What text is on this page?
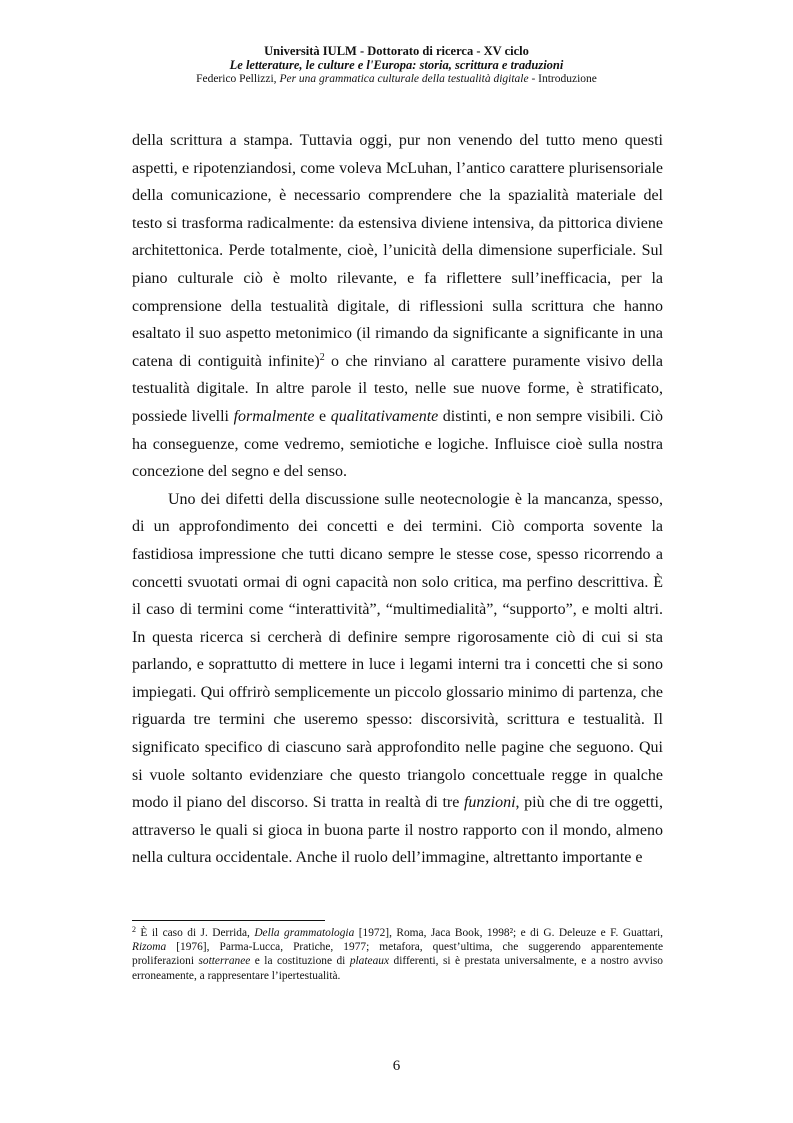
Università IULM - Dottorato di ricerca - XV ciclo
Le letterature, le culture e l'Europa: storia, scrittura e traduzioni
Federico Pellizzi, Per una grammatica culturale della testualità digitale - Introduzione

della scrittura a stampa. Tuttavia oggi, pur non venendo del tutto meno questi aspetti, e ripotenziandosi, come voleva McLuhan, l’antico carattere plurisensoriale della comunicazione, è necessario comprendere che la spazialità materiale del testo si trasforma radicalmente: da estensiva diviene intensiva, da pittorica diviene architettonica. Perde totalmente, cioè, l’unicità della dimensione superficiale. Sul piano culturale ciò è molto rilevante, e fa riflettere sull’inefficacia, per la comprensione della testualità digitale, di riflessioni sulla scrittura che hanno esaltato il suo aspetto metonimico (il rimando da significante a significante in una catena di contiguità infinite)$^2$ o che rinviano al carattere puramente visivo della testualità digitale. In altre parole il testo, nelle sue nuove forme, è stratificato, possiede livelli formalmente e qualitativamente distinti, e non sempre visibili. Ciò ha conseguenze, come vedremo, semiotiche e logiche. Influisce cioè sulla nostra concezione del segno e del senso.

Uno dei difetti della discussione sulle neotecnologie è la mancanza, spesso, di un approfondimento dei concetti e dei termini. Ciò comporta sovente la fastidiosa impressione che tutti dicano sempre le stesse cose, spesso ricorrendo a concetti svuotati ormai di ogni capacità non solo critica, ma perfino descrittiva. È il caso di termini come “interattività”, “multimedialità”, “supporto”, e molti altri. In questa ricerca si cercherà di definire sempre rigorosamente ciò di cui si sta parlando, e soprattutto di mettere in luce i legami interni tra i concetti che si sono impiegati. Qui offrirò semplicemente un piccolo glossario minimo di partenza, che riguarda tre termini che useremo spesso: discorsività, scrittura e testualità. Il significato specifico di ciascuno sarà approfondito nelle pagine che seguono. Qui si vuole soltanto evidenziare che questo triangolo concettuale regge in qualche modo il piano del discorso. Si tratta in realtà di tre funzioni, più che di tre oggetti, attraverso le quali si gioca in buona parte il nostro rapporto con il mondo, almeno nella cultura occidentale. Anche il ruolo dell’immagine, altrettanto importante e

$^2$ È il caso di J. Derrida, Della grammatologia [1972], Roma, Jaca Book, 1998²; e di G. Deleuze e F. Guattari, Rizoma [1976], Parma-Lucca, Pratiche, 1977; metafora, quest’ultima, che suggerendo apparentemente proliferazioni sotterranee e la costituzione di plateaux differenti, si è prestata universalmente, e a nostro avviso erroneamente, a rappresentare l’ipertestualità.
6
